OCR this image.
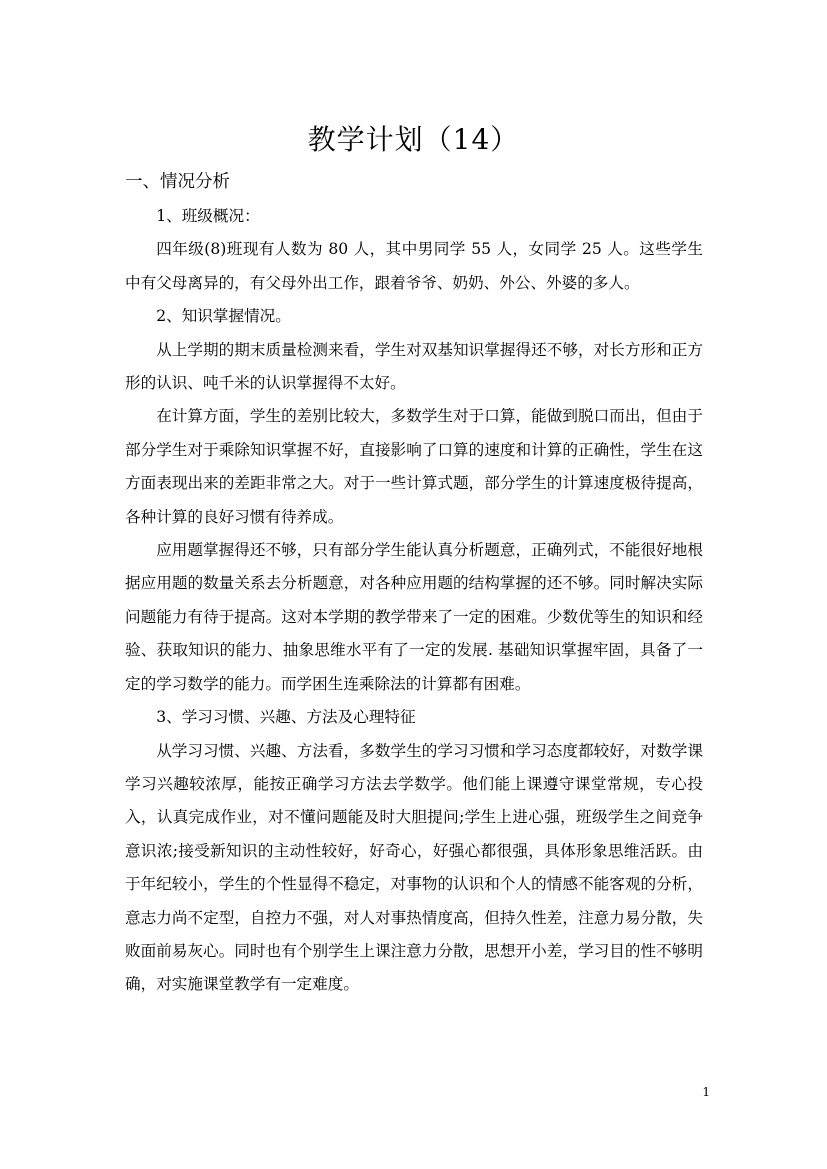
教学计划（14）

一、情况分析

1、班级概况：

四年级(8)班现有人数为 80 人，其中男同学 55 人，女同学 25 人。这些学生中有父母离异的，有父母外出工作，跟着爷爷、奶奶、外公、外婆的多人。

2、知识掌握情况。

从上学期的期末质量检测来看，学生对双基知识掌握得还不够，对长方形和正方形的认识、吨千米的认识掌握得不太好。

在计算方面，学生的差别比较大，多数学生对于口算，能做到脱口而出，但由于部分学生对于乘除知识掌握不好，直接影响了口算的速度和计算的正确性，学生在这方面表现出来的差距非常之大。对于一些计算式题，部分学生的计算速度极待提高，各种计算的良好习惯有待养成。

应用题掌握得还不够，只有部分学生能认真分析题意，正确列式，不能很好地根据应用题的数量关系去分析题意，对各种应用题的结构掌握的还不够。同时解决实际问题能力有待于提高。这对本学期的教学带来了一定的困难。少数优等生的知识和经验、获取知识的能力、抽象思维水平有了一定的发展. 基础知识掌握牢固，具备了一定的学习数学的能力。而学困生连乘除法的计算都有困难。

3、学习习惯、兴趣、方法及心理特征

从学习习惯、兴趣、方法看，多数学生的学习习惯和学习态度都较好，对数学课学习兴趣较浓厚，能按正确学习方法去学数学。他们能上课遵守课堂常规，专心投入，认真完成作业，对不懂问题能及时大胆提问;学生上进心强，班级学生之间竞争意识浓;接受新知识的主动性较好，好奇心，好强心都很强，具体形象思维活跃。由于年纪较小，学生的个性显得不稳定，对事物的认识和个人的情感不能客观的分析，意志力尚不定型，自控力不强，对人对事热情度高，但持久性差，注意力易分散，失败面前易灰心。同时也有个别学生上课注意力分散，思想开小差，学习目的性不够明确，对实施课堂教学有一定难度。

1
